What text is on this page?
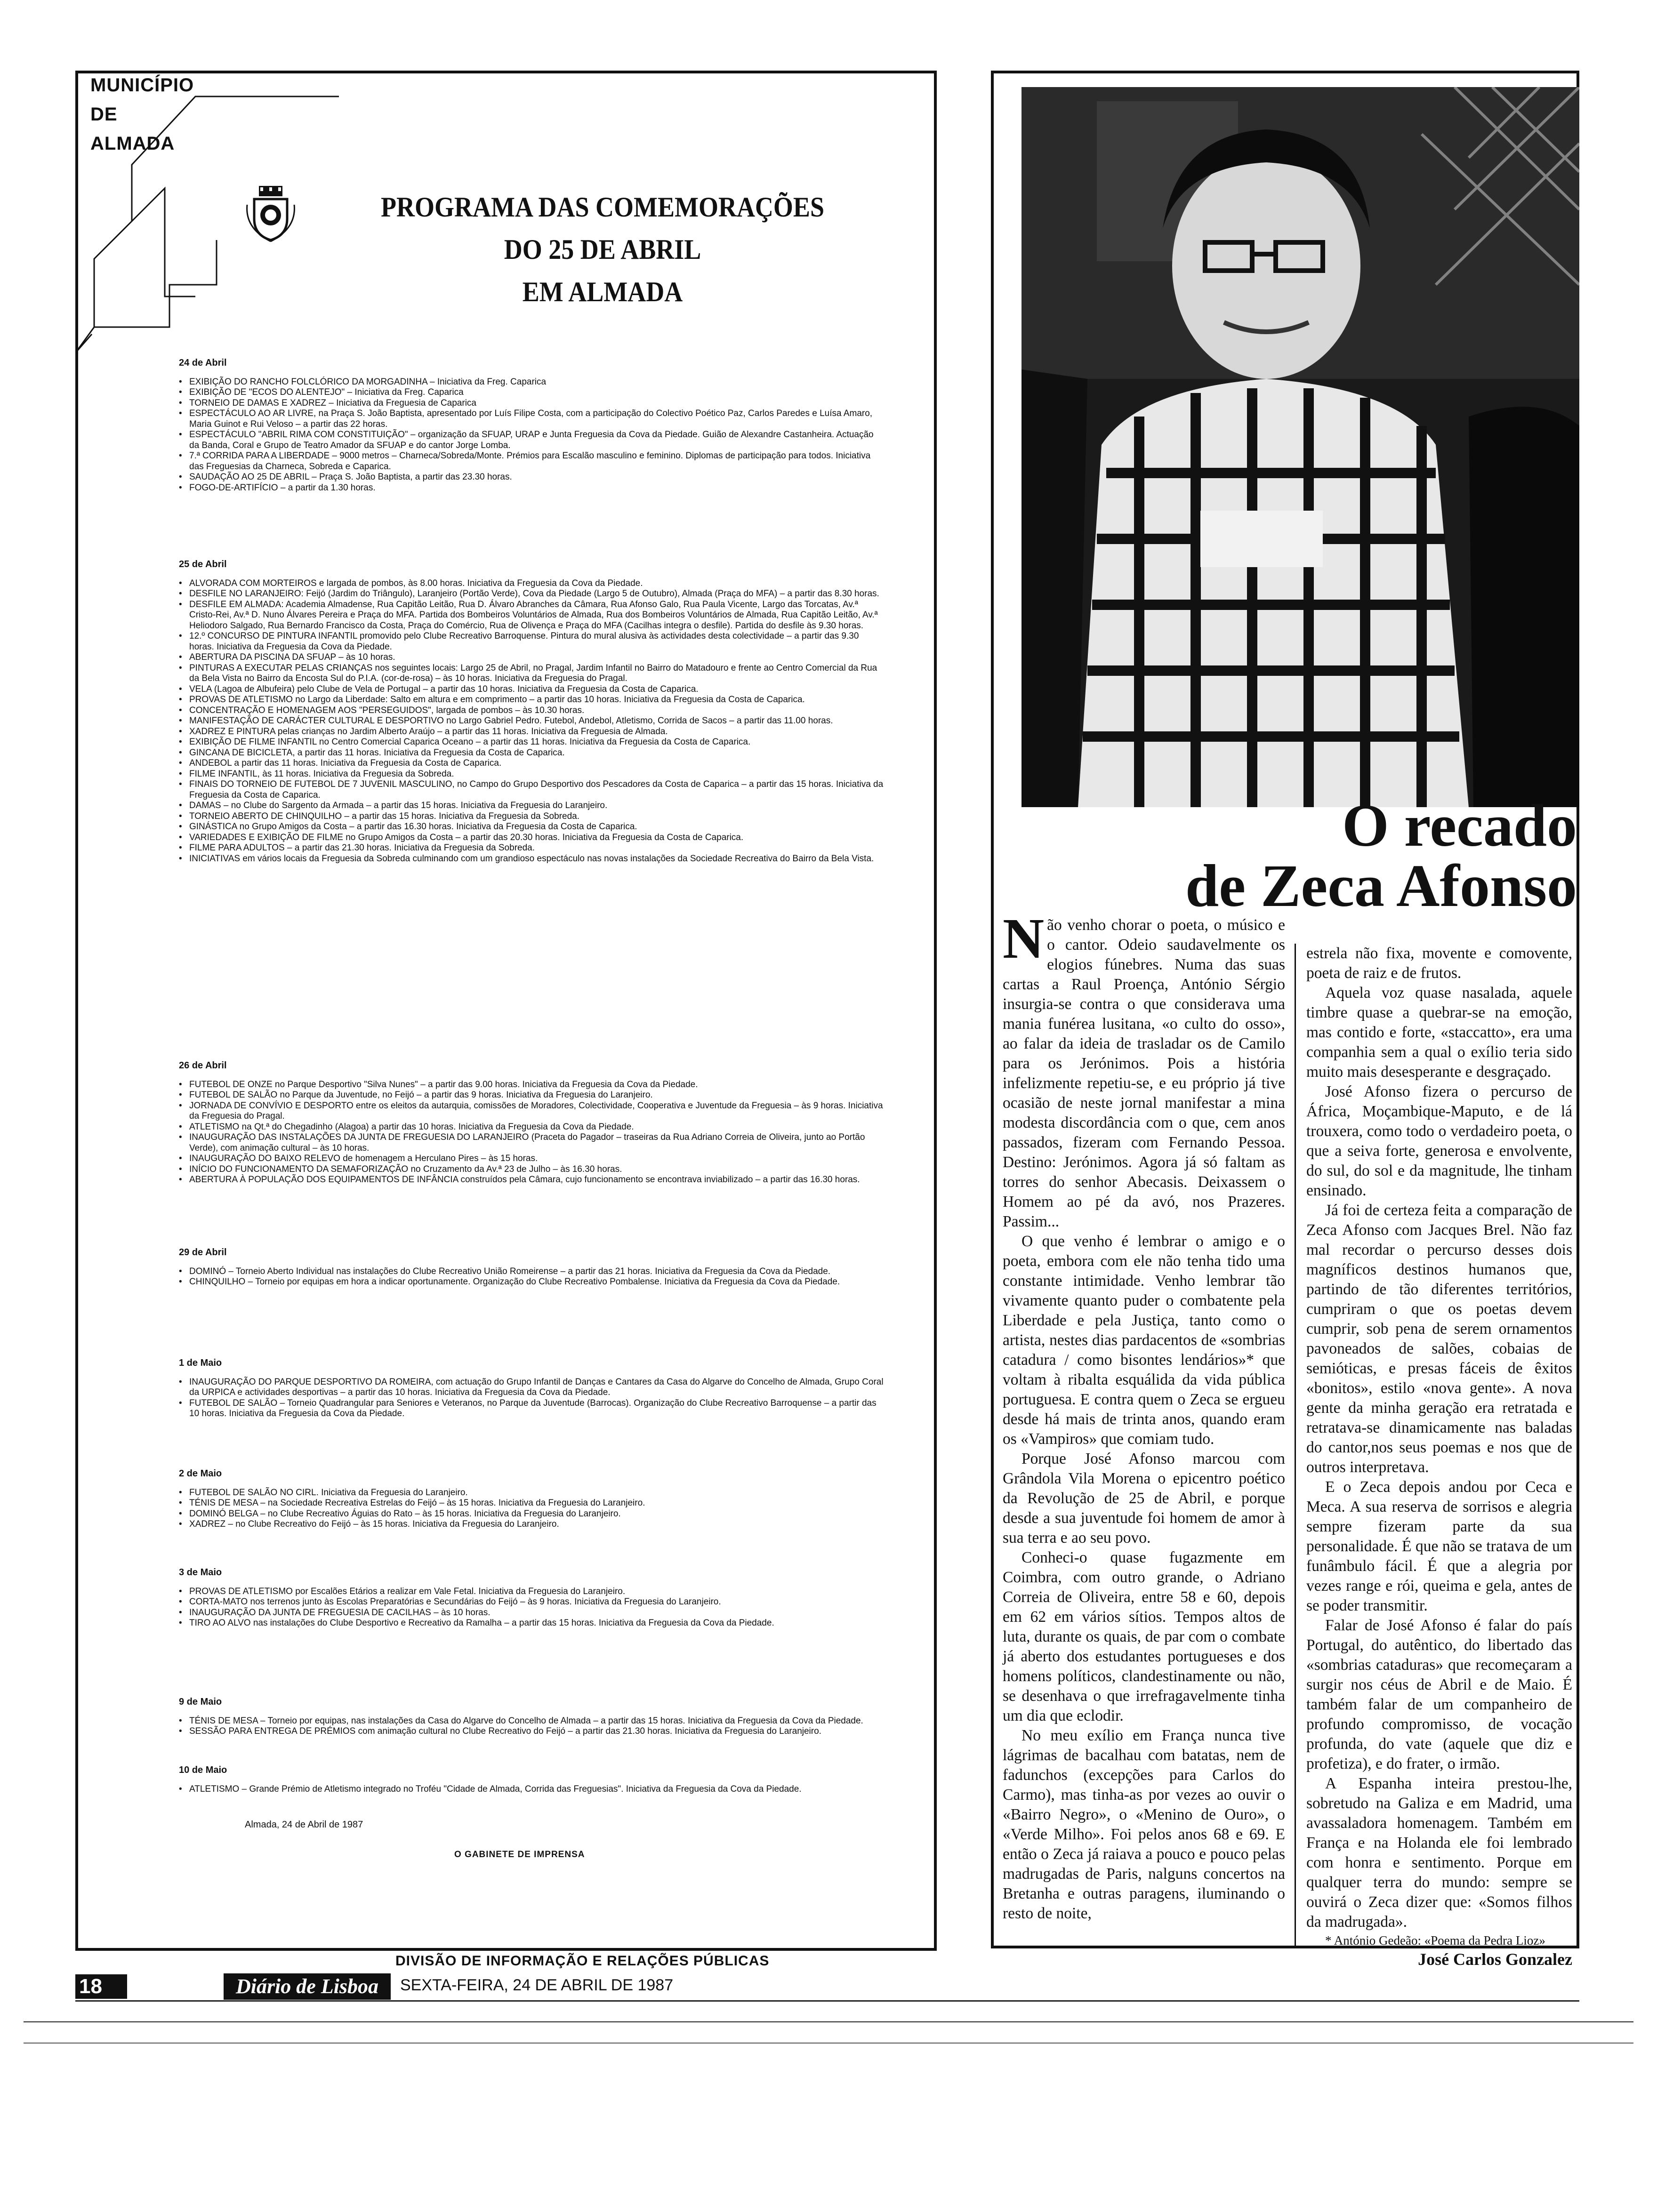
MUNICÍPIO
DE
ALMADA
PROGRAMA DAS COMEMORAÇÕES
DO 25 DE ABRIL
EM ALMADA
24 de Abril
• EXIBIÇÃO DO RANCHO FOLCLÓRICO DA MORGADINHA – Iniciativa da Freg. Caparica
• EXIBIÇÃO DE "ECOS DO ALENTEJO" – Iniciativa da Freg. Caparica
• TORNEIO DE DAMAS E XADREZ – Iniciativa da Freguesia de Caparica
• ESPECTÁCULO AO AR LIVRE, na Praça S. João Baptista, apresentado por Luís Filipe Costa, com a participação do Colectivo Poético Paz, Carlos Paredes e Luísa Amaro, Maria Guinot e Rui Veloso – a partir das 22 horas.
• ESPECTÁCULO "ABRIL RIMA COM CONSTITUIÇÃO" – organização da SFUAP, URAP e Junta Freguesia da Cova da Piedade. Guião de Alexandre Castanheira. Actuação da Banda, Coral e Grupo de Teatro Amador da SFUAP e do cantor Jorge Lomba.
• 7.ª CORRIDA PARA A LIBERDADE – 9000 metros – Charneca/Sobreda/Monte. Prémios para Escalão masculino e feminino. Diplomas de participação para todos. Iniciativa das Freguesias da Charneca, Sobreda e Caparica.
• SAUDAÇÃO AO 25 DE ABRIL – Praça S. João Baptista, a partir das 23.30 horas.
• FOGO-DE-ARTIFÍCIO – a partir da 1.30 horas.
25 de Abril
• ALVORADA COM MORTEIROS e largada de pombos, às 8.00 horas. Iniciativa da Freguesia da Cova da Piedade.
• DESFILE NO LARANJEIRO: Feijó (Jardim do Triângulo), Laranjeiro (Portão Verde), Cova da Piedade (Largo 5 de Outubro), Almada (Praça do MFA) – a partir das 8.30 horas.
• DESFILE EM ALMADA: Academia Almadense, Rua Capitão Leitão, Rua D. Álvaro Abranches da Câmara, Rua Afonso Galo, Rua Paula Vicente, Largo das Torcatas, Av.ª Cristo-Rei, Av.ª D. Nuno Álvares Pereira e Praça do MFA. Partida dos Bombeiros Voluntários de Almada, Rua dos Bombeiros Voluntários de Almada, Rua Capitão Leitão, Av.ª Heliodoro Salgado, Rua Bernardo Francisco da Costa, Praça do Comércio, Rua de Olivença e Praça do MFA (Cacilhas integra o desfile). Partida do desfile às 9.30 horas.
• 12.º CONCURSO DE PINTURA INFANTIL promovido pelo Clube Recreativo Barroquense. Pintura do mural alusiva às actividades desta colectividade – a partir das 9.30 horas. Iniciativa da Freguesia da Cova da Piedade.
• ABERTURA DA PISCINA DA SFUAP – às 10 horas.
• PINTURAS A EXECUTAR PELAS CRIANÇAS nos seguintes locais: Largo 25 de Abril, no Pragal, Jardim Infantil no Bairro do Matadouro e frente ao Centro Comercial da Rua da Bela Vista no Bairro da Encosta Sul do P.I.A. (cor-de-rosa) – às 10 horas. Iniciativa da Freguesia do Pragal.
• VELA (Lagoa de Albufeira) pelo Clube de Vela de Portugal – a partir das 10 horas. Iniciativa da Freguesia da Costa de Caparica.
• PROVAS DE ATLETISMO no Largo da Liberdade: Salto em altura e em comprimento – a partir das 10 horas. Iniciativa da Freguesia da Costa de Caparica.
• CONCENTRAÇÃO E HOMENAGEM AOS "PERSEGUIDOS", largada de pombos – às 10.30 horas.
• MANIFESTAÇÃO DE CARÁCTER CULTURAL E DESPORTIVO no Largo Gabriel Pedro. Futebol, Andebol, Atletismo, Corrida de Sacos – a partir das 11.00 horas.
• XADREZ E PINTURA pelas crianças no Jardim Alberto Araújo – a partir das 11 horas. Iniciativa da Freguesia de Almada.
• EXIBIÇÃO DE FILME INFANTIL no Centro Comercial Caparica Oceano – a partir das 11 horas. Iniciativa da Freguesia da Costa de Caparica.
• GINCANA DE BICICLETA, a partir das 11 horas. Iniciativa da Freguesia da Costa de Caparica.
• ANDEBOL a partir das 11 horas. Iniciativa da Freguesia da Costa de Caparica.
• FILME INFANTIL, às 11 horas. Iniciativa da Freguesia da Sobreda.
• FINAIS DO TORNEIO DE FUTEBOL DE 7 JUVENIL MASCULINO, no Campo do Grupo Desportivo dos Pescadores da Costa de Caparica – a partir das 15 horas. Iniciativa da Freguesia da Costa de Caparica.
• DAMAS – no Clube do Sargento da Armada – a partir das 15 horas. Iniciativa da Freguesia do Laranjeiro.
• TORNEIO ABERTO DE CHINQUILHO – a partir das 15 horas. Iniciativa da Freguesia da Sobreda.
• GINÁSTICA no Grupo Amigos da Costa – a partir das 16.30 horas. Iniciativa da Freguesia da Costa de Caparica.
• VARIEDADES E EXIBIÇÃO DE FILME no Grupo Amigos da Costa – a partir das 20.30 horas. Iniciativa da Freguesia da Costa de Caparica.
• FILME PARA ADULTOS – a partir das 21.30 horas. Iniciativa da Freguesia da Sobreda.
• INICIATIVAS em vários locais da Freguesia da Sobreda culminando com um grandioso espectáculo nas novas instalações da Sociedade Recreativa do Bairro da Bela Vista.
26 de Abril
• FUTEBOL DE ONZE no Parque Desportivo "Silva Nunes" – a partir das 9.00 horas. Iniciativa da Freguesia da Cova da Piedade.
• FUTEBOL DE SALÃO no Parque da Juventude, no Feijó – a partir das 9 horas. Iniciativa da Freguesia do Laranjeiro.
• JORNADA DE CONVÍVIO E DESPORTO entre os eleitos da autarquia, comissões de Moradores, Colectividade, Cooperativa e Juventude da Freguesia – às 9 horas. Iniciativa da Freguesia do Pragal.
• ATLETISMO na Qt.ª do Chegadinho (Alagoa) a partir das 10 horas. Iniciativa da Freguesia da Cova da Piedade.
• INAUGURAÇÃO DAS INSTALAÇÕES DA JUNTA DE FREGUESIA DO LARANJEIRO (Praceta do Pagador – traseiras da Rua Adriano Correia de Oliveira, junto ao Portão Verde), com animação cultural – às 10 horas.
• INAUGURAÇÃO DO BAIXO RELEVO de homenagem a Herculano Pires – às 15 horas.
• INÍCIO DO FUNCIONAMENTO DA SEMAFORIZAÇÃO no Cruzamento da Av.ª 23 de Julho – às 16.30 horas.
• ABERTURA À POPULAÇÃO DOS EQUIPAMENTOS DE INFÂNCIA construídos pela Câmara, cujo funcionamento se encontrava inviabilizado – a partir das 16.30 horas.
29 de Abril
• DOMINÓ – Torneio Aberto Individual nas instalações do Clube Recreativo União Romeirense – a partir das 21 horas. Iniciativa da Freguesia da Cova da Piedade.
• CHINQUILHO – Torneio por equipas em hora a indicar oportunamente. Organização do Clube Recreativo Pombalense. Iniciativa da Freguesia da Cova da Piedade.
1 de Maio
• INAUGURAÇÃO DO PARQUE DESPORTIVO DA ROMEIRA, com actuação do Grupo Infantil de Danças e Cantares da Casa do Algarve do Concelho de Almada, Grupo Coral da URPICA e actividades desportivas – a partir das 10 horas. Iniciativa da Freguesia da Cova da Piedade.
• FUTEBOL DE SALÃO – Torneio Quadrangular para Seniores e Veteranos, no Parque da Juventude (Barrocas). Organização do Clube Recreativo Barroquense – a partir das 10 horas. Iniciativa da Freguesia da Cova da Piedade.
2 de Maio
• FUTEBOL DE SALÃO NO CIRL. Iniciativa da Freguesia do Laranjeiro.
• TÉNIS DE MESA – na Sociedade Recreativa Estrelas do Feijó – às 15 horas. Iniciativa da Freguesia do Laranjeiro.
• DOMINÓ BELGA – no Clube Recreativo Águias do Rato – às 15 horas. Iniciativa da Freguesia do Laranjeiro.
• XADREZ – no Clube Recreativo do Feijó – às 15 horas. Iniciativa da Freguesia do Laranjeiro.
3 de Maio
• PROVAS DE ATLETISMO por Escalões Etários a realizar em Vale Fetal. Iniciativa da Freguesia do Laranjeiro.
• CORTA-MATO nos terrenos junto às Escolas Preparatórias e Secundárias do Feijó – às 9 horas. Iniciativa da Freguesia do Laranjeiro.
• INAUGURAÇÃO DA JUNTA DE FREGUESIA DE CACILHAS – às 10 horas.
• TIRO AO ALVO nas instalações do Clube Desportivo e Recreativo da Ramalha – a partir das 15 horas. Iniciativa da Freguesia da Cova da Piedade.
9 de Maio
• TÉNIS DE MESA – Torneio por equipas, nas instalações da Casa do Algarve do Concelho de Almada – a partir das 15 horas. Iniciativa da Freguesia da Cova da Piedade.
• SESSÃO PARA ENTREGA DE PRÉMIOS com animação cultural no Clube Recreativo do Feijó – a partir das 21.30 horas. Iniciativa da Freguesia do Laranjeiro.
10 de Maio
• ATLETISMO – Grande Prémio de Atletismo integrado no Troféu "Cidade de Almada, Corrida das Freguesias". Iniciativa da Freguesia da Cova da Piedade.
Almada, 24 de Abril de 1987
O GABINETE DE IMPRENSA
DIVISÃO DE INFORMAÇÃO E RELAÇÕES PÚBLICAS
18	Diário de Lisboa	SEXTA-FEIRA, 24 DE ABRIL DE 1987
O recado
de Zeca Afonso
N ão venho chorar o poeta, o músico e o cantor. Odeio saudavelmente os elogios fúnebres. Numa das suas cartas a Raul Proença, António Sérgio insurgia-se contra o que considerava uma mania funérea lusitana, «o culto do osso», ao falar da ideia de trasladar os de Camilo para os Jerónimos. Pois a história infelizmente repetiu-se, e eu próprio já tive ocasião de neste jornal manifestar a mina modesta discordância com o que, cem anos passados, fizeram com Fernando Pessoa. Destino: Jerónimos. Agora já só faltam as torres do senhor Abecasis. Deixassem o Homem ao pé da avó, nos Prazeres. Passim...

O que venho é lembrar o amigo e o poeta, embora com ele não tenha tido uma constante intimidade. Venho lembrar tão vivamente quanto puder o combatente pela Liberdade e pela Justiça, tanto como o artista, nestes dias pardacentos de «sombrias catadura / como bisontes lendários»* que voltam à ribalta esquálida da vida pública portuguesa. E contra quem o Zeca se ergueu desde há mais de trinta anos, quando eram os «Vampiros» que comiam tudo.

Porque José Afonso marcou com Grândola Vila Morena o epicentro poético da Revolução de 25 de Abril, e porque desde a sua juventude foi homem de amor à sua terra e ao seu povo.

Conheci-o quase fugazmente em Coimbra, com outro grande, o Adriano Correia de Oliveira, entre 58 e 60, depois em 62 em vários sítios. Tempos altos de luta, durante os quais, de par com o combate já aberto dos estudantes portugueses e dos homens políticos, clandestinamente ou não, se desenhava o que irrefragavelmente tinha um dia que eclodir.

No meu exílio em França nunca tive lágrimas de bacalhau com batatas, nem de fadunchos (excepções para Carlos do Carmo), mas tinha-as por vezes ao ouvir o «Bairro Negro», o «Menino de Ouro», o «Verde Milho». Foi pelos anos 68 e 69. E então o Zeca já raiava a pouco e pouco pelas madrugadas de Paris, nalguns concertos na Bretanha e outras paragens, iluminando o resto de noite,

estrela não fixa, movente e comovente, poeta de raiz e de frutos.

Aquela voz quase nasalada, aquele timbre quase a quebrar-se na emoção, mas contido e forte, «staccatto», era uma companhia sem a qual o exílio teria sido muito mais desesperante e desgraçado.

José Afonso fizera o percurso de África, Moçambique-Maputo, e de lá trouxera, como todo o verdadeiro poeta, o que a seiva forte, generosa e envolvente, do sul, do sol e da magnitude, lhe tinham ensinado.

Já foi de certeza feita a comparação de Zeca Afonso com Jacques Brel. Não faz mal recordar o percurso desses dois magníficos destinos humanos que, partindo de tão diferentes territórios, cumpriram o que os poetas devem cumprir, sob pena de serem ornamentos pavoneados de salões, cobaias de semióticas, e presas fáceis de êxitos «bonitos», estilo «nova gente». A nova gente da minha geração era retratada e retratava-se dinamicamente nas baladas do cantor,nos seus poemas e nos que de outros interpretava.

E o Zeca depois andou por Ceca e Meca. A sua reserva de sorrisos e alegria sempre fizeram parte da sua personalidade. É que não se tratava de um funâmbulo fácil. É que a alegria por vezes range e rói, queima e gela, antes de se poder transmitir.

Falar de José Afonso é falar do país Portugal, do autêntico, do libertado das «sombrias cataduras» que recomeçaram a surgir nos céus de Abril e de Maio. É também falar de um companheiro de profundo compromisso, de vocação profunda, do vate (aquele que diz e profetiza), e do frater, o irmão.

A Espanha inteira prestou-lhe, sobretudo na Galiza e em Madrid, uma avassaladora homenagem. Também em França e na Holanda ele foi lembrado com honra e sentimento. Porque em qualquer terra do mundo: sempre se ouvirá o Zeca dizer que: «Somos filhos da madrugada».

* António Gedeão: «Poema da Pedra Lioz»

José Carlos Gonzalez
